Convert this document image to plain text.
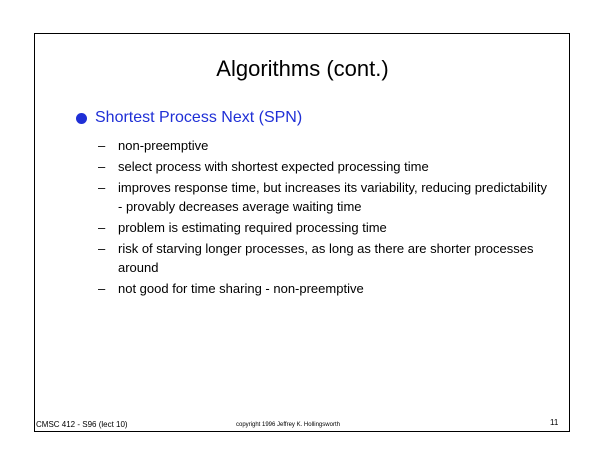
Algorithms (cont.)
Shortest Process Next (SPN)
– non-preemptive
– select process with shortest expected processing time
– improves response time, but increases its variability, reducing predictability - provably decreases average waiting time
– problem is estimating required processing time
– risk of starving longer processes, as long as there are shorter processes around
– not good for time sharing - non-preemptive
CMSC 412 - S96 (lect 10)	copyright 1996 Jeffrey K. Hollingsworth	11
